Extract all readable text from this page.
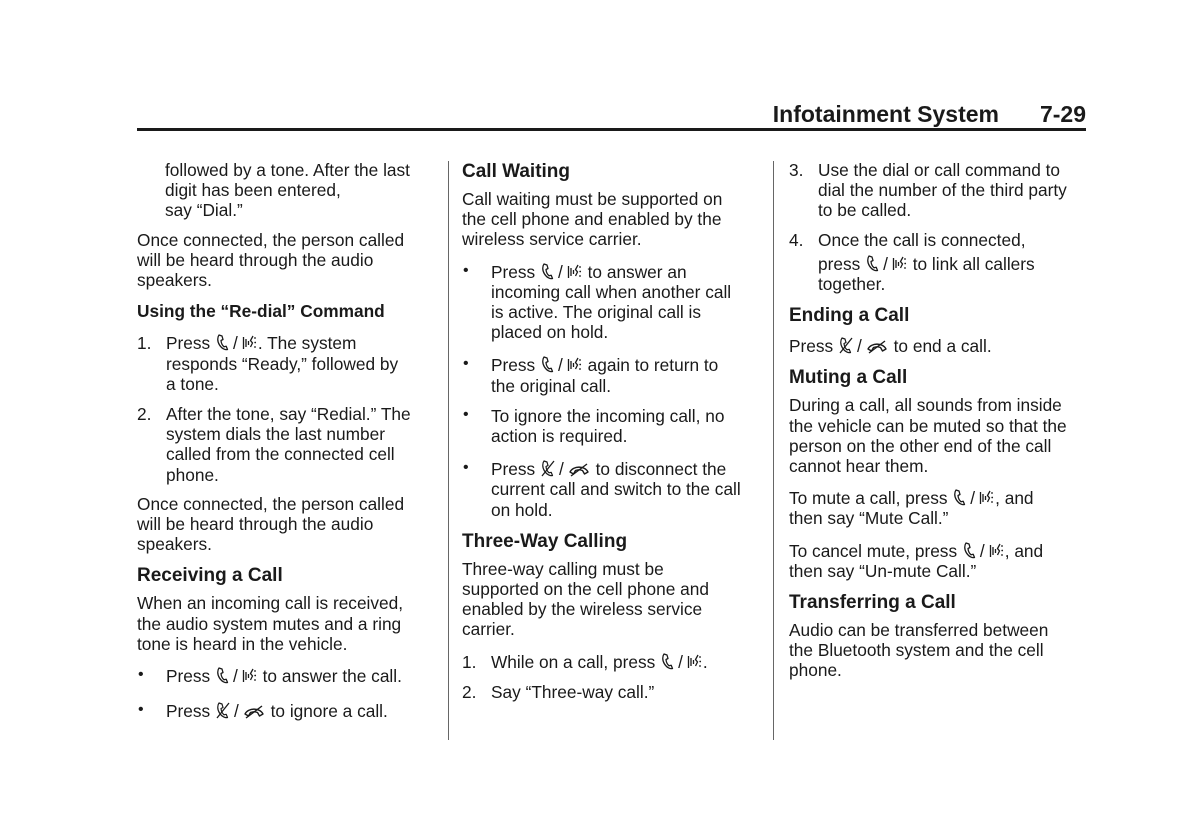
Infotainment System 7-29

followed by a tone. After the last
digit has been entered,
say “Dial.”

Once connected, the person called
will be heard through the audio
speakers.

Using the “Re-dial” Command

1. Press / . The system
responds “Ready,” followed by
a tone.

2. After the tone, say “Redial.” The
system dials the last number
called from the connected cell
phone.

Once connected, the person called
will be heard through the audio
speakers.

Receiving a Call

When an incoming call is received,
the audio system mutes and a ring
tone is heard in the vehicle.

• Press / to answer the call.

• Press / to ignore a call.

Call Waiting

Call waiting must be supported on
the cell phone and enabled by the
wireless service carrier.

• Press / to answer an
incoming call when another call
is active. The original call is
placed on hold.

• Press / again to return to
the original call.

• To ignore the incoming call, no
action is required.

• Press / to disconnect the
current call and switch to the call
on hold.

Three-Way Calling

Three-way calling must be
supported on the cell phone and
enabled by the wireless service
carrier.

1. While on a call, press / .

2. Say “Three-way call.”

3. Use the dial or call command to
dial the number of the third party
to be called.

4. Once the call is connected,
press / to link all callers
together.

Ending a Call

Press / to end a call.

Muting a Call

During a call, all sounds from inside
the vehicle can be muted so that the
person on the other end of the call
cannot hear them.

To mute a call, press / , and
then say “Mute Call.”

To cancel mute, press / , and
then say “Un-mute Call.”

Transferring a Call

Audio can be transferred between
the Bluetooth system and the cell
phone.
